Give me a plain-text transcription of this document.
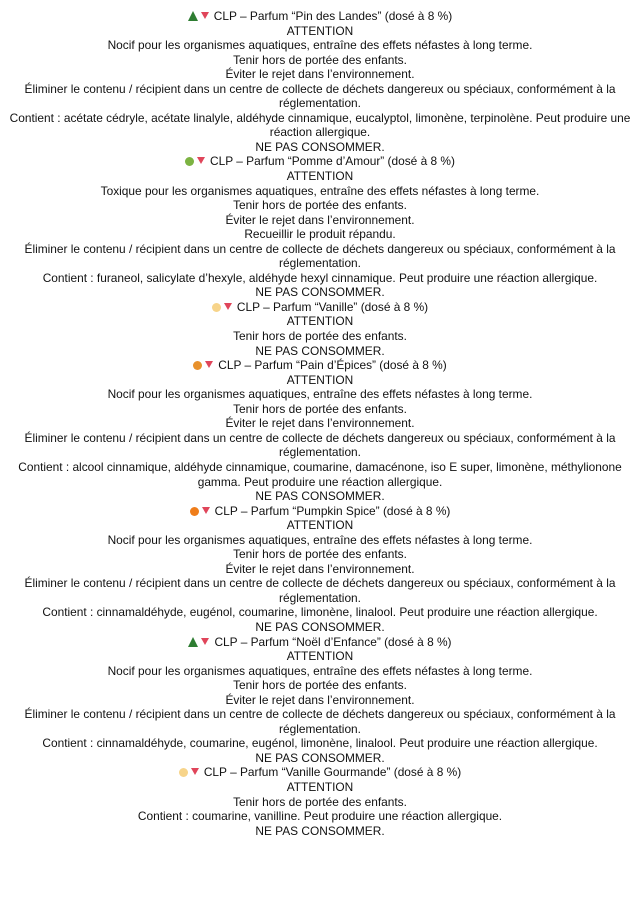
CLP – Parfum “Pin des Landes” (dosé à 8 %)
ATTENTION
Nocif pour les organismes aquatiques, entraîne des effets néfastes à long terme.
Tenir hors de portée des enfants.
Éviter le rejet dans l’environnement.
Éliminer le contenu / récipient dans un centre de collecte de déchets dangereux ou spéciaux, conformément à la réglementation.
Contient : acétate cédryle, acétate linalyle, aldéhyde cinnamique, eucalyptol, limonène, terpinolène. Peut produire une réaction allergique.
NE PAS CONSOMMER.
CLP – Parfum “Pomme d’Amour” (dosé à 8 %)
ATTENTION
Toxique pour les organismes aquatiques, entraîne des effets néfastes à long terme.
Tenir hors de portée des enfants.
Éviter le rejet dans l’environnement.
Recueillir le produit répandu.
Éliminer le contenu / récipient dans un centre de collecte de déchets dangereux ou spéciaux, conformément à la réglementation.
Contient : furaneol, salicylate d’hexyle, aldéhyde hexyl cinnamique. Peut produire une réaction allergique.
NE PAS CONSOMMER.
CLP – Parfum “Vanille” (dosé à 8 %)
ATTENTION
Tenir hors de portée des enfants.
NE PAS CONSOMMER.
CLP – Parfum “Pain d’Épices” (dosé à 8 %)
ATTENTION
Nocif pour les organismes aquatiques, entraîne des effets néfastes à long terme.
Tenir hors de portée des enfants.
Éviter le rejet dans l’environnement.
Éliminer le contenu / récipient dans un centre de collecte de déchets dangereux ou spéciaux, conformément à la réglementation.
Contient : alcool cinnamique, aldéhyde cinnamique, coumarine, damacénone, iso E super, limonène, méthylionone gamma. Peut produire une réaction allergique.
NE PAS CONSOMMER.
CLP – Parfum “Pumpkin Spice” (dosé à 8 %)
ATTENTION
Nocif pour les organismes aquatiques, entraîne des effets néfastes à long terme.
Tenir hors de portée des enfants.
Éviter le rejet dans l’environnement.
Éliminer le contenu / récipient dans un centre de collecte de déchets dangereux ou spéciaux, conformément à la réglementation.
Contient : cinnamaldéhyde, eugénol, coumarine, limonène, linalool. Peut produire une réaction allergique.
NE PAS CONSOMMER.
CLP – Parfum “Noël d’Enfance” (dosé à 8 %)
ATTENTION
Nocif pour les organismes aquatiques, entraîne des effets néfastes à long terme.
Tenir hors de portée des enfants.
Éviter le rejet dans l’environnement.
Éliminer le contenu / récipient dans un centre de collecte de déchets dangereux ou spéciaux, conformément à la réglementation.
Contient : cinnamaldéhyde, coumarine, eugénol, limonène, linalool. Peut produire une réaction allergique.
NE PAS CONSOMMER.
CLP – Parfum “Vanille Gourmande” (dosé à 8 %)
ATTENTION
Tenir hors de portée des enfants.
Contient : coumarine, vanilline. Peut produire une réaction allergique.
NE PAS CONSOMMER.
